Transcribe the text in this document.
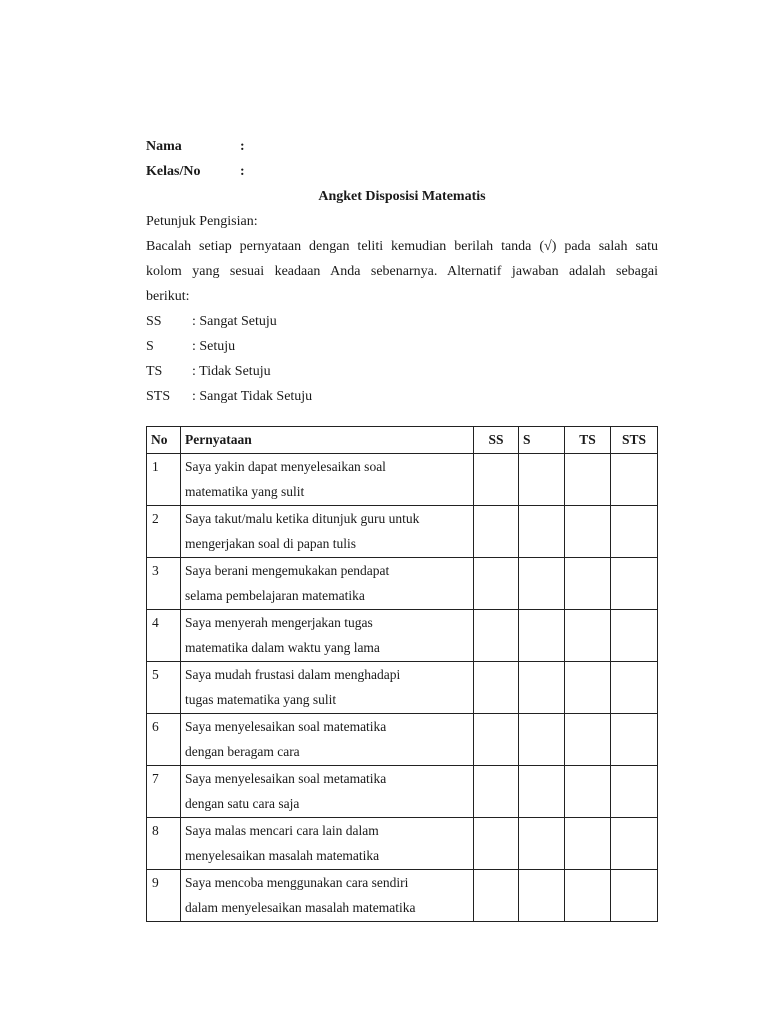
Nama	:
Kelas/No	:
Angket Disposisi Matematis
Petunjuk Pengisian:
Bacalah setiap pernyataan dengan teliti kemudian berilah tanda (√) pada salah satu
kolom yang sesuai keadaan Anda sebenarnya. Alternatif jawaban adalah sebagai
berikut:
SS : Sangat Setuju
S	: Setuju
TS : Tidak Setuju
STS : Sangat Tidak Setuju
No	Pernyataan	SS	S	TS	STS
1	Saya yakin dapat menyelesaikan soal
matematika yang sulit				

2	Saya takut/malu ketika ditunjuk guru untuk
mengerjakan soal di papan tulis				

3	Saya berani mengemukakan pendapat
selama pembelajaran matematika				

4	Saya menyerah mengerjakan tugas
matematika dalam waktu yang lama				

5	Saya mudah frustasi dalam menghadapi
tugas matematika yang sulit				

6	Saya menyelesaikan soal matematika
dengan beragam cara				

7	Saya menyelesaikan soal metamatika
dengan satu cara saja				

8	Saya malas mencari cara lain dalam
menyelesaikan masalah matematika				

9	Saya mencoba menggunakan cara sendiri
dalam menyelesaikan masalah matematika				
